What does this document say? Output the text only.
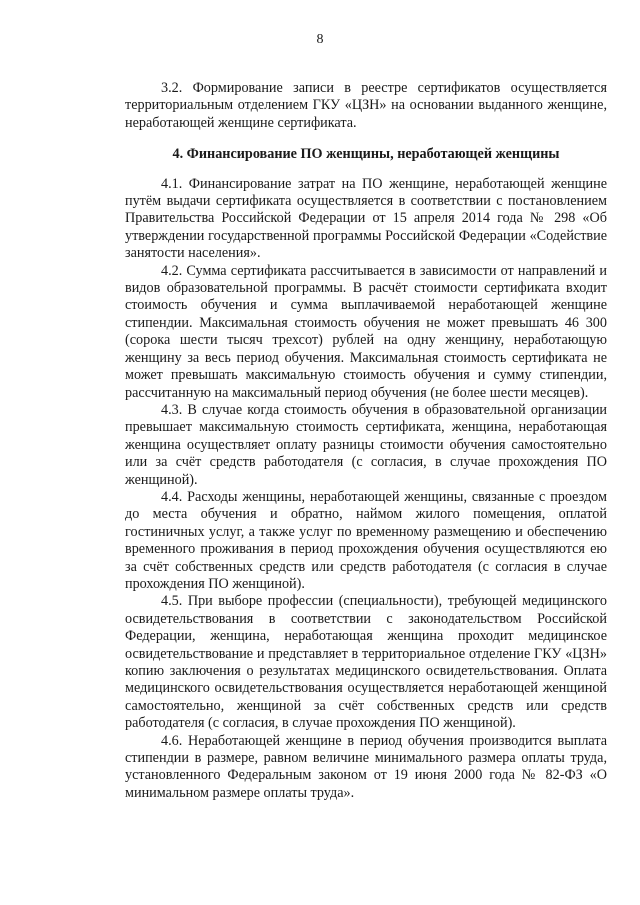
8

3.2. Формирование записи в реестре сертификатов осуществляется территориальным отделением ГКУ «ЦЗН» на основании выданного женщине, неработающей женщине сертификата.

4. Финансирование ПО женщины, неработающей женщины

4.1. Финансирование затрат на ПО женщине, неработающей женщине путём выдачи сертификата осуществляется в соответствии с постановлением Правительства Российской Федерации от 15 апреля 2014 года № 298 «Об утверждении государственной программы Российской Федерации «Содействие занятости населения».

4.2. Сумма сертификата рассчитывается в зависимости от направлений и видов образовательной программы. В расчёт стоимости сертификата входит стоимость обучения и сумма выплачиваемой неработающей женщине стипендии. Максимальная стоимость обучения не может превышать 46 300 (сорока шести тысяч трехсот) рублей на одну женщину, неработающую женщину за весь период обучения. Максимальная стоимость сертификата не может превышать максимальную стоимость обучения и сумму стипендии, рассчитанную на максимальный период обучения (не более шести месяцев).

4.3. В случае когда стоимость обучения в образовательной организации превышает максимальную стоимость сертификата, женщина, неработающая женщина осуществляет оплату разницы стоимости обучения самостоятельно или за счёт средств работодателя (с согласия, в случае прохождения ПО женщиной).

4.4. Расходы женщины, неработающей женщины, связанные с проездом до места обучения и обратно, наймом жилого помещения, оплатой гостиничных услуг, а также услуг по временному размещению и обеспечению временного проживания в период прохождения обучения осуществляются ею за счёт собственных средств или средств работодателя (с согласия в случае прохождения ПО женщиной).

4.5. При выборе профессии (специальности), требующей медицинского освидетельствования в соответствии с законодательством Российской Федерации, женщина, неработающая женщина проходит медицинское освидетельствование и представляет в территориальное отделение ГКУ «ЦЗН» копию заключения о результатах медицинского освидетельствования. Оплата медицинского освидетельствования осуществляется неработающей женщиной самостоятельно, женщиной за счёт собственных средств или средств работодателя (с согласия, в случае прохождения ПО женщиной).

4.6. Неработающей женщине в период обучения производится выплата стипендии в размере, равном величине минимального размера оплаты труда, установленного Федеральным законом от 19 июня 2000 года № 82-ФЗ «О минимальном размере оплаты труда».
